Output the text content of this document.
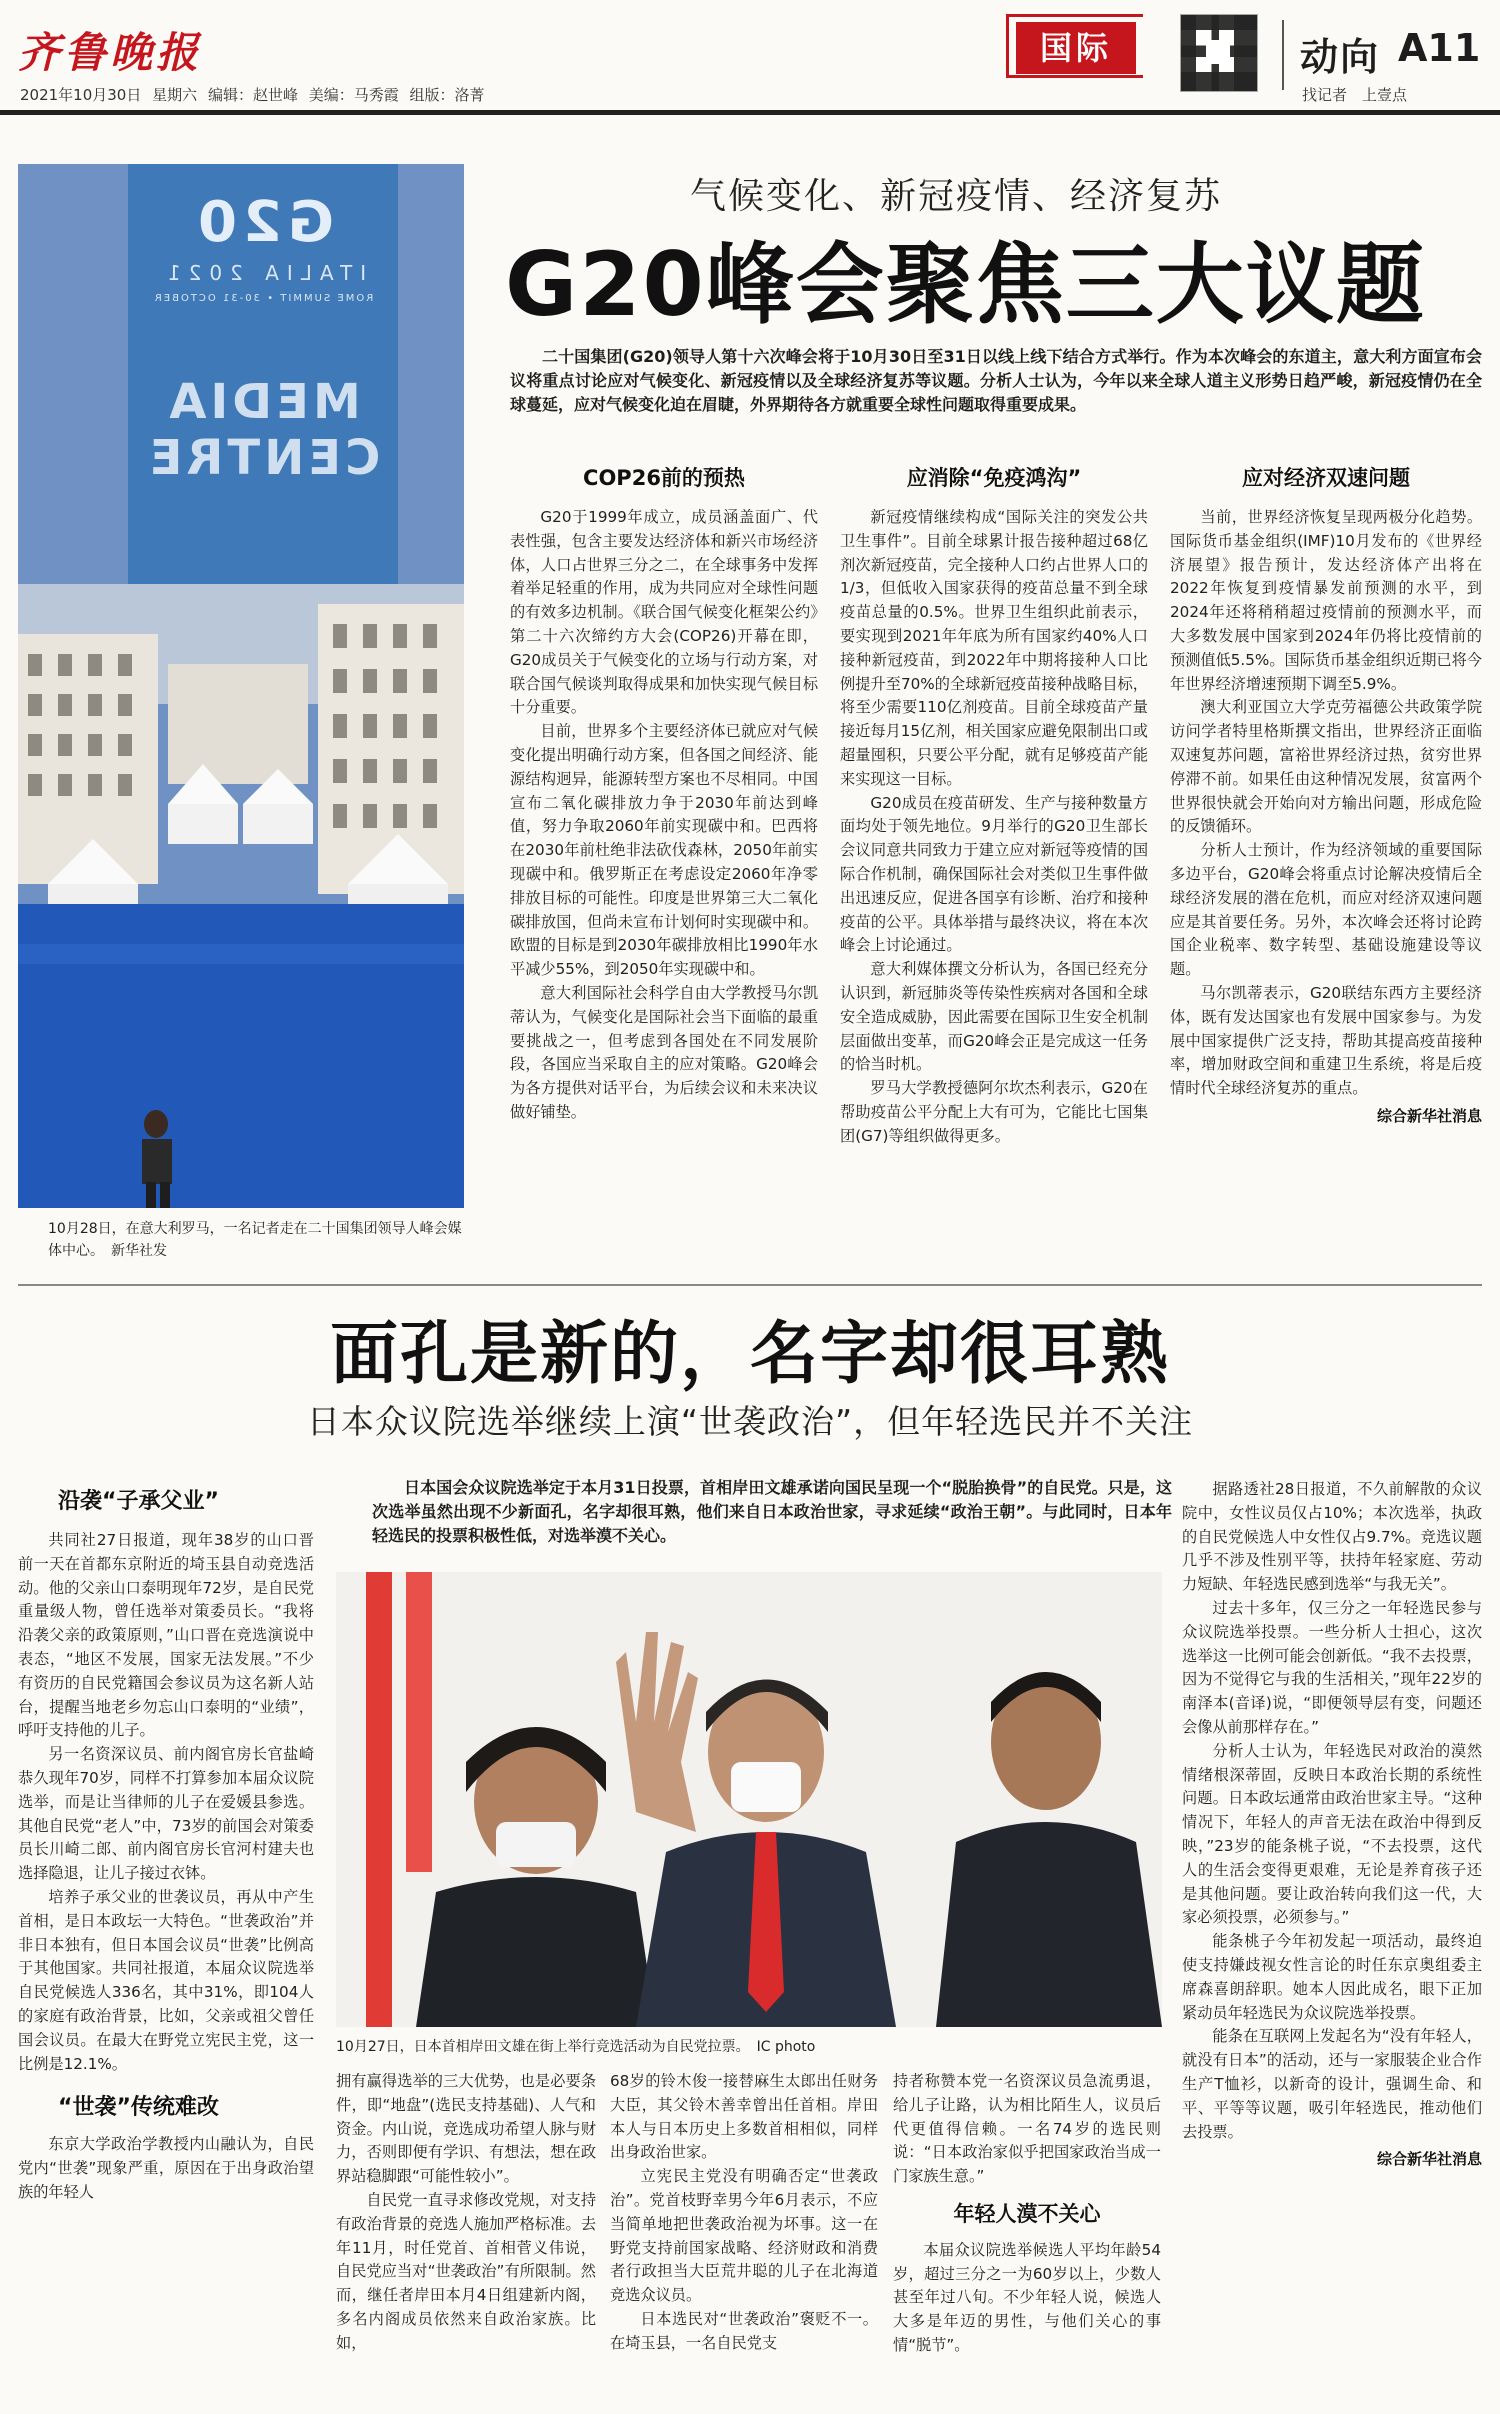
齐鲁晚报
2021年10月30日 星期六 编辑：赵世峰 美编：马秀霞 组版：洛菁
国际	动向 A11
找记者　上壹点
G20
ITALIA 2021
ROME SUMMIT • 30-31 OCTOBER
MEDIA
CENTRE
10月28日，在意大利罗马，一名记者走在二十国集团领导人峰会媒体中心。　新华社发
气候变化、新冠疫情、经济复苏
G20峰会聚焦三大议题
二十国集团(G20)领导人第十六次峰会将于10月30日至31日以线上线下结合方式举行。作为本次峰会的东道主，意大利方面宣布会议将重点讨论应对气候变化、新冠疫情以及全球经济复苏等议题。分析人士认为，今年以来全球人道主义形势日趋严峻，新冠疫情仍在全球蔓延，应对气候变化迫在眉睫，外界期待各方就重要全球性问题取得重要成果。
COP26前的预热

G20于1999年成立，成员涵盖面广、代表性强，包含主要发达经济体和新兴市场经济体，人口占世界三分之二，在全球事务中发挥着举足轻重的作用，成为共同应对全球性问题的有效多边机制。《联合国气候变化框架公约》第二十六次缔约方大会(COP26)开幕在即，G20成员关于气候变化的立场与行动方案，对联合国气候谈判取得成果和加快实现气候目标十分重要。

目前，世界多个主要经济体已就应对气候变化提出明确行动方案，但各国之间经济、能源结构迥异，能源转型方案也不尽相同。中国宣布二氧化碳排放力争于2030年前达到峰值，努力争取2060年前实现碳中和。巴西将在2030年前杜绝非法砍伐森林，2050年前实现碳中和。俄罗斯正在考虑设定2060年净零排放目标的可能性。印度是世界第三大二氧化碳排放国，但尚未宣布计划何时实现碳中和。欧盟的目标是到2030年碳排放相比1990年水平减少55%，到2050年实现碳中和。

意大利国际社会科学自由大学教授马尔凯蒂认为，气候变化是国际社会当下面临的最重要挑战之一，但考虑到各国处在不同发展阶段，各国应当采取自主的应对策略。G20峰会为各方提供对话平台，为后续会议和未来决议做好铺垫。

应消除“免疫鸿沟”

新冠疫情继续构成“国际关注的突发公共卫生事件”。目前全球累计报告接种超过68亿剂次新冠疫苗，完全接种人口约占世界人口的1/3，但低收入国家获得的疫苗总量不到全球疫苗总量的0.5%。世界卫生组织此前表示，要实现到2021年年底为所有国家约40%人口接种新冠疫苗，到2022年中期将接种人口比例提升至70%的全球新冠疫苗接种战略目标，将至少需要110亿剂疫苗。目前全球疫苗产量接近每月15亿剂，相关国家应避免限制出口或超量囤积，只要公平分配，就有足够疫苗产能来实现这一目标。

G20成员在疫苗研发、生产与接种数量方面均处于领先地位。9月举行的G20卫生部长会议同意共同致力于建立应对新冠等疫情的国际合作机制，确保国际社会对类似卫生事件做出迅速反应，促进各国享有诊断、治疗和接种疫苗的公平。具体举措与最终决议，将在本次峰会上讨论通过。

意大利媒体撰文分析认为，各国已经充分认识到，新冠肺炎等传染性疾病对各国和全球安全造成威胁，因此需要在国际卫生安全机制层面做出变革，而G20峰会正是完成这一任务的恰当时机。

罗马大学教授德阿尔坎杰利表示，G20在帮助疫苗公平分配上大有可为，它能比七国集团(G7)等组织做得更多。

应对经济双速问题

当前，世界经济恢复呈现两极分化趋势。国际货币基金组织(IMF)10月发布的《世界经济展望》报告预计，发达经济体产出将在2022年恢复到疫情暴发前预测的水平，到2024年还将稍稍超过疫情前的预测水平，而大多数发展中国家到2024年仍将比疫情前的预测值低5.5%。国际货币基金组织近期已将今年世界经济增速预期下调至5.9%。

澳大利亚国立大学克劳福德公共政策学院访问学者特里格斯撰文指出，世界经济正面临双速复苏问题，富裕世界经济过热，贫穷世界停滞不前。如果任由这种情况发展，贫富两个世界很快就会开始向对方输出问题，形成危险的反馈循环。

分析人士预计，作为经济领域的重要国际多边平台，G20峰会将重点讨论解决疫情后全球经济发展的潜在危机，而应对经济双速问题应是其首要任务。另外，本次峰会还将讨论跨国企业税率、数字转型、基础设施建设等议题。

马尔凯蒂表示，G20联结东西方主要经济体，既有发达国家也有发展中国家参与。为发展中国家提供广泛支持，帮助其提高疫苗接种率，增加财政空间和重建卫生系统，将是后疫情时代全球经济复苏的重点。

综合新华社消息
面孔是新的，名字却很耳熟
日本众议院选举继续上演“世袭政治”，但年轻选民并不关注
日本国会众议院选举定于本月31日投票，首相岸田文雄承诺向国民呈现一个“脱胎换骨”的自民党。只是，这次选举虽然出现不少新面孔，名字却很耳熟，他们来自日本政治世家，寻求延续“政治王朝”。与此同时，日本年轻选民的投票积极性低，对选举漠不关心。
沿袭“子承父业”

共同社27日报道，现年38岁的山口晋前一天在首都东京附近的埼玉县自动竞选活动。他的父亲山口泰明现年72岁，是自民党重量级人物，曾任选举对策委员长。“我将沿袭父亲的政策原则，”山口晋在竞选演说中表态，“地区不发展，国家无法发展。”不少有资历的自民党籍国会参议员为这名新人站台，提醒当地老乡勿忘山口泰明的“业绩”，呼吁支持他的儿子。

另一名资深议员、前内阁官房长官盐崎恭久现年70岁，同样不打算参加本届众议院选举，而是让当律师的儿子在爱媛县参选。其他自民党“老人”中，73岁的前国会对策委员长川崎二郎、前内阁官房长官河村建夫也选择隐退，让儿子接过衣钵。

培养子承父业的世袭议员，再从中产生首相，是日本政坛一大特色。“世袭政治”并非日本独有，但日本国会议员“世袭”比例高于其他国家。共同社报道，本届众议院选举自民党候选人336名，其中31%，即104人的家庭有政治背景，比如，父亲或祖父曾任国会议员。在最大在野党立宪民主党，这一比例是12.1%。

“世袭”传统难改

东京大学政治学教授内山融认为，自民党内“世袭”现象严重，原因在于出身政治望族的年轻人

10月27日，日本首相岸田文雄在街上举行竞选活动为自民党拉票。　IC photo

拥有赢得选举的三大优势，也是必要条件，即“地盘”(选民支持基础)、人气和资金。内山说，竞选成功希望人脉与财力，否则即便有学识、有想法，想在政界站稳脚跟“可能性较小”。

自民党一直寻求修改党规，对支持有政治背景的竞选人施加严格标准。去年11月，时任党首、首相菅义伟说，自民党应当对“世袭政治”有所限制。然而，继任者岸田本月4日组建新内阁，多名内阁成员依然来自政治家族。比如，

68岁的铃木俊一接替麻生太郎出任财务大臣，其父铃木善幸曾出任首相。岸田本人与日本历史上多数首相相似，同样出身政治世家。

立宪民主党没有明确否定“世袭政治”。党首枝野幸男今年6月表示，不应当简单地把世袭政治视为坏事。这一在野党支持前国家战略、经济财政和消费者行政担当大臣荒井聪的儿子在北海道竞选众议员。

日本选民对“世袭政治”褒贬不一。在埼玉县，一名自民党支

持者称赞本党一名资深议员急流勇退，给儿子让路，认为相比陌生人，议员后代更值得信赖。一名74岁的选民则说：“日本政治家似乎把国家政治当成一门家族生意。”

年轻人漠不关心

本届众议院选举候选人平均年龄54岁，超过三分之一为60岁以上，少数人甚至年过八旬。不少年轻人说，候选人大多是年迈的男性，与他们关心的事情“脱节”。

据路透社28日报道，不久前解散的众议院中，女性议员仅占10%；本次选举，执政的自民党候选人中女性仅占9.7%。竞选议题几乎不涉及性别平等，扶持年轻家庭、劳动力短缺、年轻选民感到选举“与我无关”。

过去十多年，仅三分之一年轻选民参与众议院选举投票。一些分析人士担心，这次选举这一比例可能会创新低。“我不去投票，因为不觉得它与我的生活相关，”现年22岁的南泽本(音译)说，“即便领导层有变，问题还会像从前那样存在。”

分析人士认为，年轻选民对政治的漠然情绪根深蒂固，反映日本政治长期的系统性问题。日本政坛通常由政治世家主导。“这种情况下，年轻人的声音无法在政治中得到反映，”23岁的能条桃子说，“不去投票，这代人的生活会变得更艰难，无论是养育孩子还是其他问题。要让政治转向我们这一代，大家必须投票，必须参与。”

能条桃子今年初发起一项活动，最终迫使支持嫌歧视女性言论的时任东京奥组委主席森喜朗辞职。她本人因此成名，眼下正加紧动员年轻选民为众议院选举投票。

能条在互联网上发起名为“没有年轻人，就没有日本”的活动，还与一家服装企业合作生产T恤衫，以新奇的设计，强调生命、和平、平等等议题，吸引年轻选民，推动他们去投票。

综合新华社消息
